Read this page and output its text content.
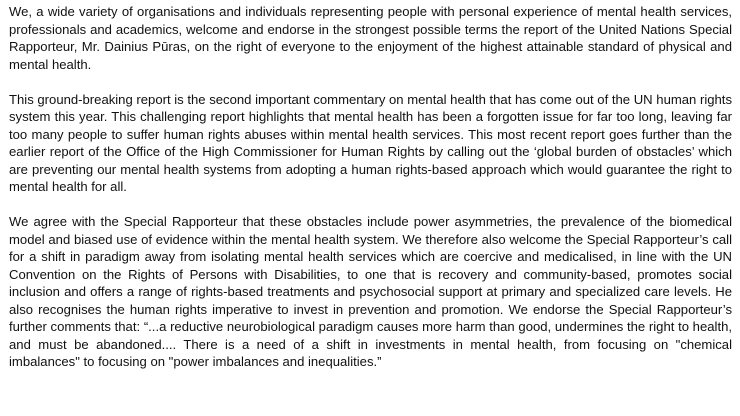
We, a wide variety of organisations and individuals representing people with personal experience of mental health services, professionals and academics, welcome and endorse in the strongest possible terms the report of the United Nations Special Rapporteur, Mr. Dainius Pūras, on the right of everyone to the enjoyment of the highest attainable standard of physical and mental health.

This ground-breaking report is the second important commentary on mental health that has come out of the UN human rights system this year. This challenging report highlights that mental health has been a forgotten issue for far too long, leaving far too many people to suffer human rights abuses within mental health services. This most recent report goes further than the earlier report of the Office of the High Commissioner for Human Rights by calling out the ‘global burden of obstacles’ which are preventing our mental health systems from adopting a human rights-based approach which would guarantee the right to mental health for all.

We agree with the Special Rapporteur that these obstacles include power asymmetries, the prevalence of the biomedical model and biased use of evidence within the mental health system. We therefore also welcome the Special Rapporteur’s call for a shift in paradigm away from isolating mental health services which are coercive and medicalised, in line with the UN Convention on the Rights of Persons with Disabilities, to one that is recovery and community-based, promotes social inclusion and offers a range of rights-based treatments and psychosocial support at primary and specialized care levels. He also recognises the human rights imperative to invest in prevention and promotion. We endorse the Special Rapporteur’s further comments that: “...a reductive neurobiological paradigm causes more harm than good, undermines the right to health, and must be abandoned.... There is a need of a shift in investments in mental health, from focusing on "chemical imbalances" to focusing on "power imbalances and inequalities.”
